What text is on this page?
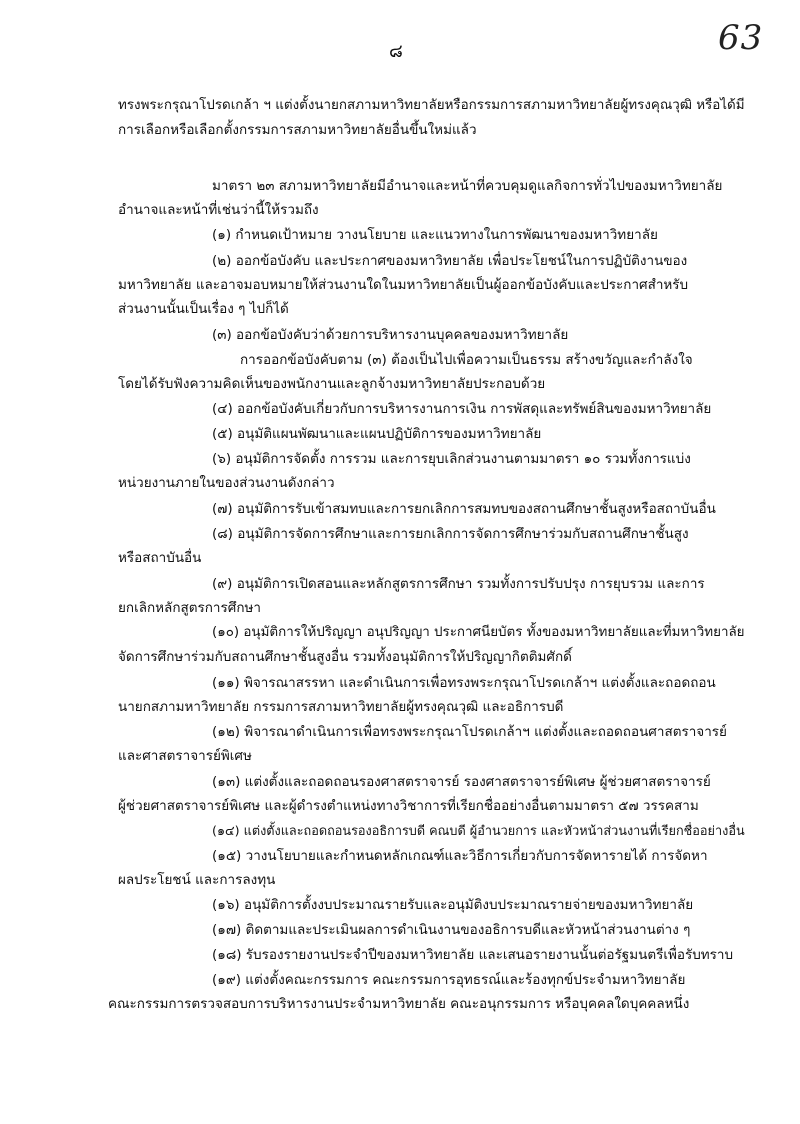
63
๘
ทรงพระกรุณาโปรดเกล้า ฯ แต่งตั้งนายกสภามหาวิทยาลัยหรือกรรมการสภามหาวิทยาลัยผู้ทรงคุณวุฒิ หรือได้มี
การเลือกหรือเลือกตั้งกรรมการสภามหาวิทยาลัยอื่นขึ้นใหม่แล้ว
มาตรา ๒๓ สภามหาวิทยาลัยมีอำนาจและหน้าที่ควบคุมดูแลกิจการทั่วไปของมหาวิทยาลัย
อำนาจและหน้าที่เช่นว่านี้ให้รวมถึง
(๑) กำหนดเป้าหมาย วางนโยบาย และแนวทางในการพัฒนาของมหาวิทยาลัย
(๒) ออกข้อบังคับ และประกาศของมหาวิทยาลัย เพื่อประโยชน์ในการปฏิบัติงานของ
มหาวิทยาลัย และอาจมอบหมายให้ส่วนงานใดในมหาวิทยาลัยเป็นผู้ออกข้อบังคับและประกาศสำหรับ
ส่วนงานนั้นเป็นเรื่อง ๆ ไปก็ได้
(๓) ออกข้อบังคับว่าด้วยการบริหารงานบุคคลของมหาวิทยาลัย
การออกข้อบังคับตาม (๓) ต้องเป็นไปเพื่อความเป็นธรรม สร้างขวัญและกำลังใจ
โดยได้รับฟังความคิดเห็นของพนักงานและลูกจ้างมหาวิทยาลัยประกอบด้วย
(๔) ออกข้อบังคับเกี่ยวกับการบริหารงานการเงิน การพัสดุและทรัพย์สินของมหาวิทยาลัย
(๕) อนุมัติแผนพัฒนาและแผนปฏิบัติการของมหาวิทยาลัย
(๖) อนุมัติการจัดตั้ง การรวม และการยุบเลิกส่วนงานตามมาตรา ๑๐ รวมทั้งการแบ่ง
หน่วยงานภายในของส่วนงานดังกล่าว
(๗) อนุมัติการรับเข้าสมทบและการยกเลิกการสมทบของสถานศึกษาชั้นสูงหรือสถาบันอื่น
(๘) อนุมัติการจัดการศึกษาและการยกเลิกการจัดการศึกษาร่วมกับสถานศึกษาชั้นสูง
หรือสถาบันอื่น
(๙) อนุมัติการเปิดสอนและหลักสูตรการศึกษา รวมทั้งการปรับปรุง การยุบรวม และการ
ยกเลิกหลักสูตรการศึกษา
(๑๐) อนุมัติการให้ปริญญา อนุปริญญา ประกาศนียบัตร ทั้งของมหาวิทยาลัยและที่มหาวิทยาลัย
จัดการศึกษาร่วมกับสถานศึกษาชั้นสูงอื่น รวมทั้งอนุมัติการให้ปริญญากิตติมศักดิ์
(๑๑) พิจารณาสรรหา และดำเนินการเพื่อทรงพระกรุณาโปรดเกล้าฯ แต่งตั้งและถอดถอน
นายกสภามหาวิทยาลัย กรรมการสภามหาวิทยาลัยผู้ทรงคุณวุฒิ และอธิการบดี
(๑๒) พิจารณาดำเนินการเพื่อทรงพระกรุณาโปรดเกล้าฯ แต่งตั้งและถอดถอนศาสตราจารย์
และศาสตราจารย์พิเศษ
(๑๓) แต่งตั้งและถอดถอนรองศาสตราจารย์ รองศาสตราจารย์พิเศษ ผู้ช่วยศาสตราจารย์
ผู้ช่วยศาสตราจารย์พิเศษ และผู้ดำรงตำแหน่งทางวิชาการที่เรียกชื่ออย่างอื่นตามมาตรา ๕๗ วรรคสาม
(๑๔) แต่งตั้งและถอดถอนรองอธิการบดี คณบดี ผู้อำนวยการ และหัวหน้าส่วนงานที่เรียกชื่ออย่างอื่น
(๑๕) วางนโยบายและกำหนดหลักเกณฑ์และวิธีการเกี่ยวกับการจัดหารายได้ การจัดหา
ผลประโยชน์ และการลงทุน
(๑๖) อนุมัติการตั้งงบประมาณรายรับและอนุมัติงบประมาณรายจ่ายของมหาวิทยาลัย
(๑๗) ติดตามและประเมินผลการดำเนินงานของอธิการบดีและหัวหน้าส่วนงานต่าง ๆ
(๑๘) รับรองรายงานประจำปีของมหาวิทยาลัย และเสนอรายงานนั้นต่อรัฐมนตรีเพื่อรับทราบ
(๑๙) แต่งตั้งคณะกรรมการ คณะกรรมการอุทธรณ์และร้องทุกข์ประจำมหาวิทยาลัย
คณะกรรมการตรวจสอบการบริหารงานประจำมหาวิทยาลัย คณะอนุกรรมการ หรือบุคคลใดบุคคลหนึ่ง
